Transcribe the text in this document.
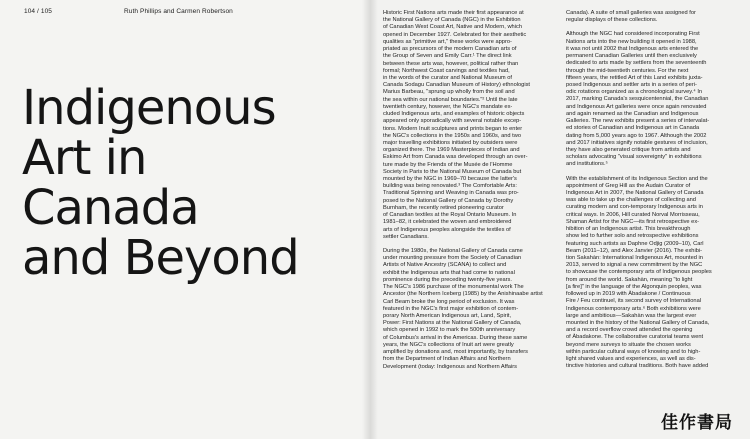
104 / 105	Ruth Phillips and Carmen Robertson
Indigenous
Art in
Canada
and Beyond

Historic First Nations arts made their first appearance at
the National Gallery of Canada (NGC) in the Exhibition
of Canadian West Coast Art, Native and Modern, which
opened in December 1927. Celebrated for their aesthetic
qualities as "primitive art," these works were appro-
priated as precursors of the modern Canadian arts of
the Group of Seven and Emily Carr.¹ The direct link
between these arts was, however, political rather than
formal; Northwest Coast carvings and textiles had,
in the words of the curator and National Museum of
Canada Sodagu Canadian Museum of History) ethnologist
Marius Barbeau, "sprung up wholly from the soil and
the sea within our national boundaries."² Until the late
twentieth century, however, the NGC's mandate ex-
cluded Indigenous arts, and examples of historic objects
appeared only sporadically with several notable excep-
tions. Modern Inuit sculptures and prints began to enter
the NGC's collections in the 1950s and 1960s, and two
major travelling exhibitions initiated by outsiders were
organized there. The 1969 Masterpieces of Indian and
Eskimo Art from Canada was developed through an over-
ture made by the Friends of the Musée de l'Homme
Society in Paris to the National Museum of Canada but
mounted by the NGC in 1969–70 because the latter's
building was being renovated.³ The Comfortable Arts:
Traditional Spinning and Weaving in Canada was pro-
posed to the National Gallery of Canada by Dorothy
Burnham, the recently retired pioneering curator
of Canadian textiles at the Royal Ontario Museum. In
1981–82, it celebrated the woven and embroidered
arts of Indigenous peoples alongside the textiles of
settler Canadians.

During the 1980s, the National Gallery of Canada came
under mounting pressure from the Society of Canadian
Artists of Native Ancestry (SCANA) to collect and
exhibit the Indigenous arts that had come to national
prominence during the preceding twenty-five years.
The NGC's 1986 purchase of the monumental work The
Ancestor (the Northern Iceberg (1985) by the Anishinaabe artist
Carl Beam broke the long period of exclusion. It was
featured in the NGC's first major exhibition of contem-
porary North American Indigenous art, Land, Spirit,
Power: First Nations at the National Gallery of Canada,
which opened in 1992 to mark the 500th anniversary
of Columbus's arrival in the Americas. During these same
years, the NGC's collections of Inuit art were greatly
amplified by donations and, most importantly, by transfers
from the Department of Indian Affairs and Northern
Development (today: Indigenous and Northern Affairs

Canada). A suite of small galleries was assigned for
regular displays of these collections.

Although the NGC had considered incorporating First
Nations arts into the new building it opened in 1988,
it was not until 2002 that Indigenous arts entered the
permanent Canadian Galleries until then exclusively
dedicated to arts made by settlers from the seventeenth
through the mid-twentieth centuries. For the next
fifteen years, the retitled Art of this Land exhibits juxta-
posed Indigenous and settler arts in a series of peri-
odic rotations organized as a chronological survey.⁴ In
2017, marking Canada's sesquicentennial, the Canadian
and Indigenous Art galleries were once again renovated
and again renamed as the Canadian and Indigenous
Galleries. The new exhibits present a series of intervalat-
ed stories of Canadian and Indigenous art in Canada
dating from 5,000 years ago to 1967. Although the 2002
and 2017 initiatives signify notable gestures of inclusion,
they have also generated critique from artists and
scholars advocating "visual sovereignty" in exhibitions
and institutions.⁵

With the establishment of its Indigenous Section and the
appointment of Greg Hill as the Audain Curator of
Indigenous Art in 2007, the National Gallery of Canada
was able to take up the challenges of collecting and
curating modern and con-temporary Indigenous arts in
critical ways. In 2006, Hill curated Norval Morrisseau,
Shaman Artist for the NGC—its first retrospective ex-
hibition of an Indigenous artist. This breakthrough
show led to further solo and retrospective exhibitions
featuring such artists as Daphne Odjig (2009–10), Carl
Beam (2011–12), and Alex Janvier (2016). The exhibi-
tion Sakahàn: International Indigenous Art, mounted in
2013, served to signal a new commitment by the NGC
to showcase the contemporary arts of Indigenous peoples
from around the world. Sakahàn, meaning "to light
[a fire]" in the language of the Algonquin peoples, was
followed up in 2019 with Àbadakone / Continuous
Fire / Feu continuel, its second survey of International
Indigenous contemporary arts.⁶ Both exhibitions were
large and ambitious—Sakahàn was the largest ever
mounted in the history of the National Gallery of Canada,
and a record overflow crowd attended the opening
of Àbadakone. The collaborative curatorial teams went
beyond mere surveys to situate the chosen works
within particular cultural ways of knowing and to high-
light shared values and experiences, as well as dis-
tinctive histories and cultural traditions. Both have added

佳作書局
